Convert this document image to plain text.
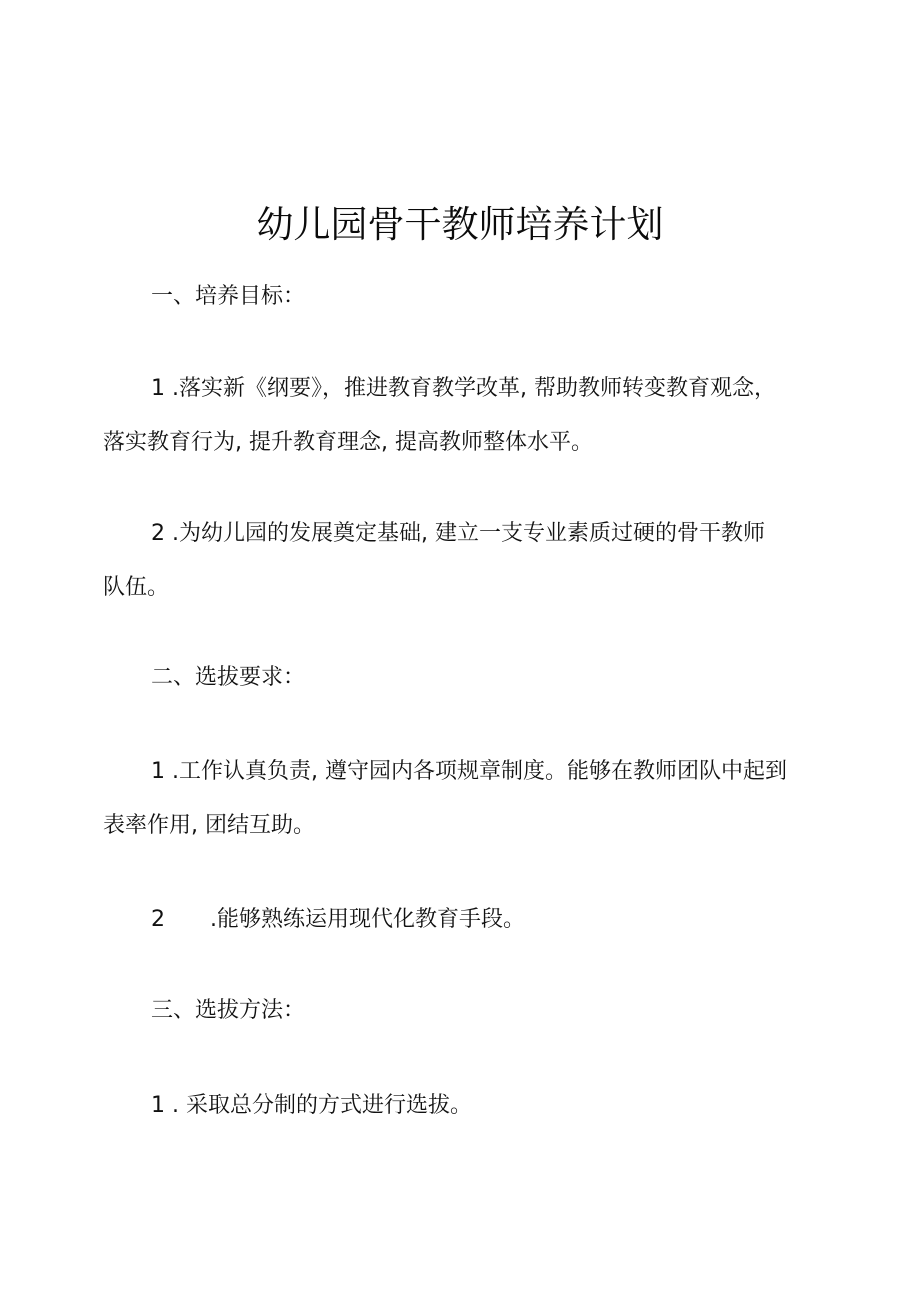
幼儿园骨干教师培养计划
一、培养目标：
1 .落实新《纲要》，推进教育教学改革, 帮助教师转变教育观念，
落实教育行为, 提升教育理念, 提高教师整体水平。
2 .为幼儿园的发展奠定基础, 建立一支专业素质过硬的骨干教师
队伍。
二、选拔要求：
1 .工作认真负责, 遵守园内各项规章制度。能够在教师团队中起到
表率作用, 团结互助。
2 .能够熟练运用现代化教育手段。
三、选拔方法：
1 . 采取总分制的方式进行选拔。
